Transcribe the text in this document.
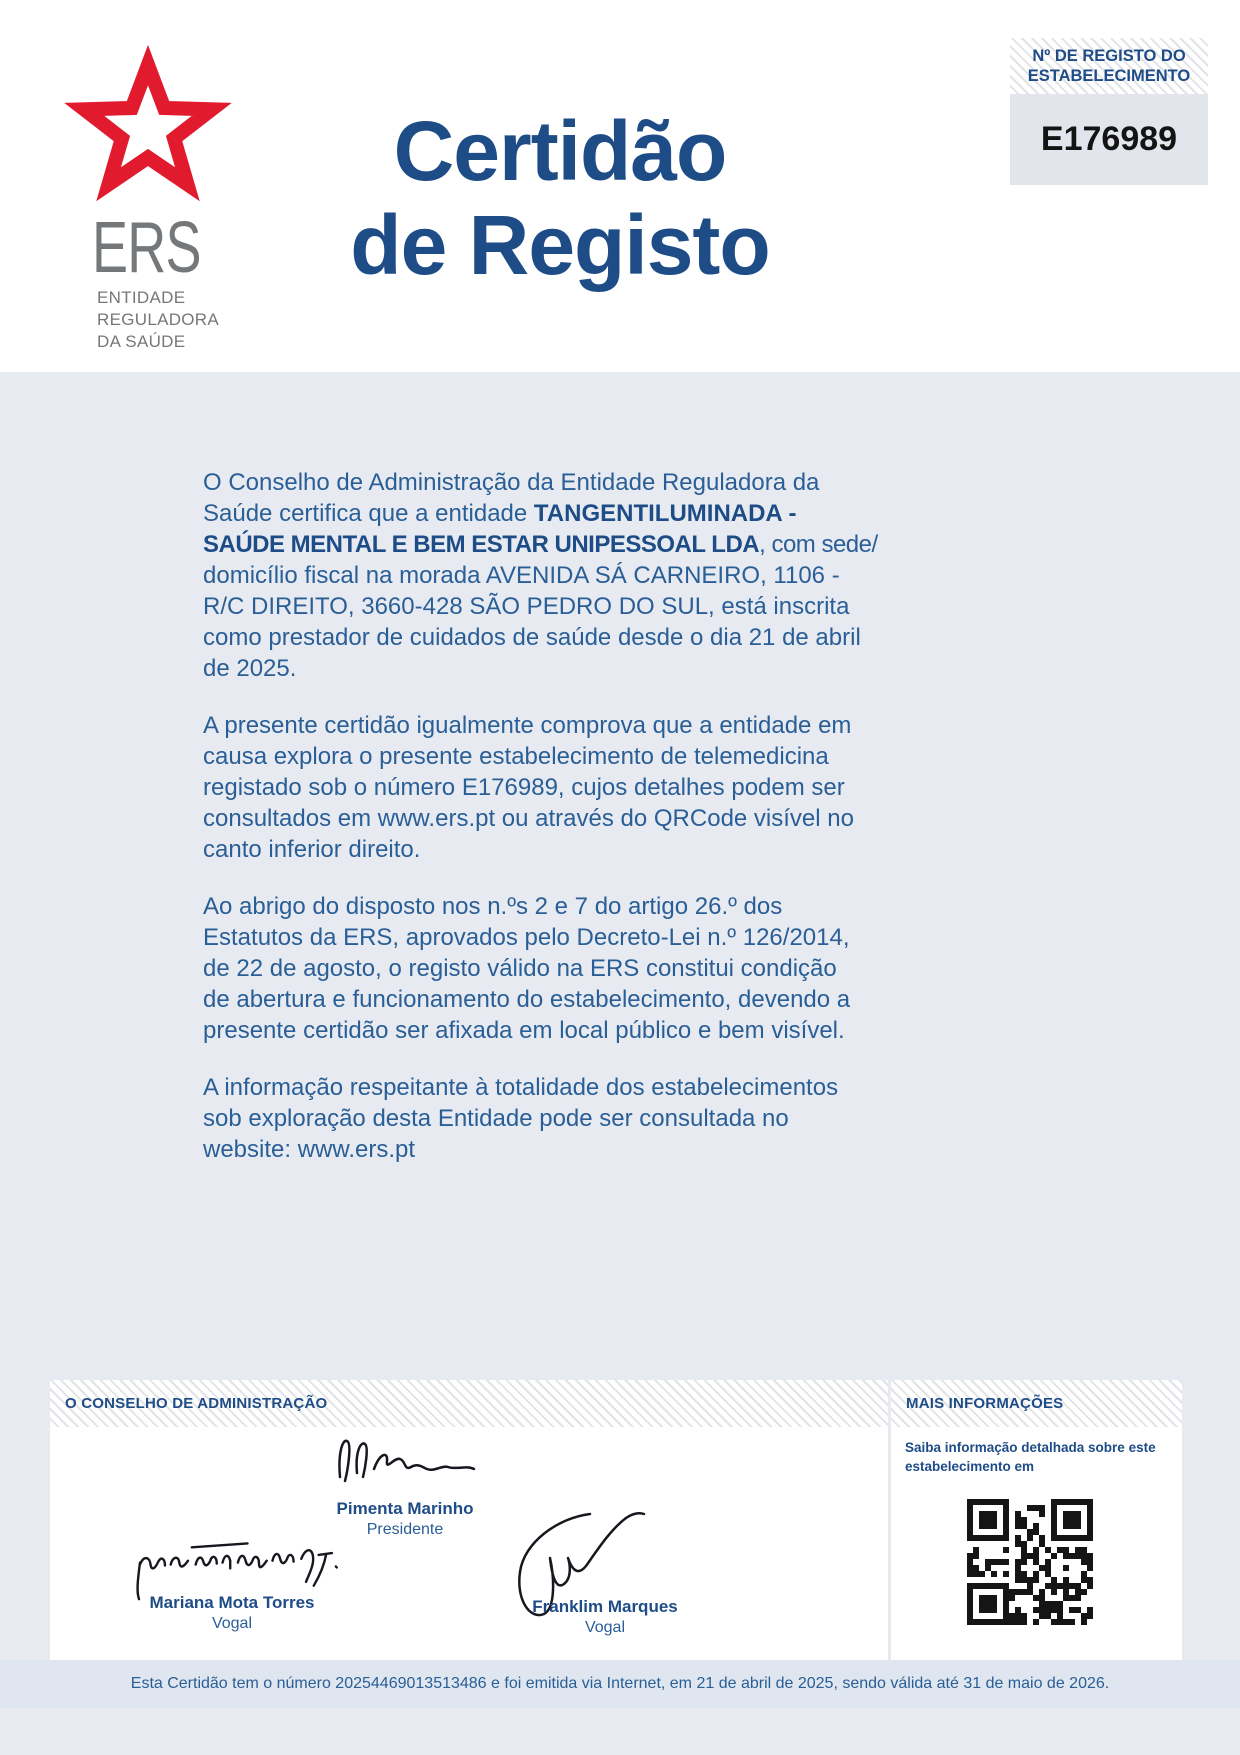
ERS
ENTIDADE
REGULADORA
DA SAÚDE
Certidão
de Registo
Nº DE REGISTO DO
ESTABELECIMENTO
E176989
O Conselho de Administração da Entidade Reguladora da
Saúde certifica que a entidade TANGENTILUMINADA -
SAÚDE MENTAL E BEM ESTAR UNIPESSOAL LDA, com sede/
domicílio fiscal na morada AVENIDA SÁ CARNEIRO, 1106 -
R/C DIREITO, 3660-428 SÃO PEDRO DO SUL, está inscrita
como prestador de cuidados de saúde desde o dia 21 de abril
de 2025.
A presente certidão igualmente comprova que a entidade em
causa explora o presente estabelecimento de telemedicina
registado sob o número E176989, cujos detalhes podem ser
consultados em www.ers.pt ou através do QRCode visível no
canto inferior direito.
Ao abrigo do disposto nos n.ºs 2 e 7 do artigo 26.º dos
Estatutos da ERS, aprovados pelo Decreto-Lei n.º 126/2014,
de 22 de agosto, o registo válido na ERS constitui condição
de abertura e funcionamento do estabelecimento, devendo a
presente certidão ser afixada em local público e bem visível.
A informação respeitante à totalidade dos estabelecimentos
sob exploração desta Entidade pode ser consultada no
website: www.ers.pt
O CONSELHO DE ADMINISTRAÇÃO
Pimenta Marinho
Presidente
Mariana Mota Torres
Vogal
Franklim Marques
Vogal
MAIS INFORMAÇÕES
Saiba informação detalhada sobre este estabelecimento em
Esta Certidão tem o número 20254469013513486 e foi emitida via Internet, em 21 de abril de 2025, sendo válida até 31 de maio de 2026.
